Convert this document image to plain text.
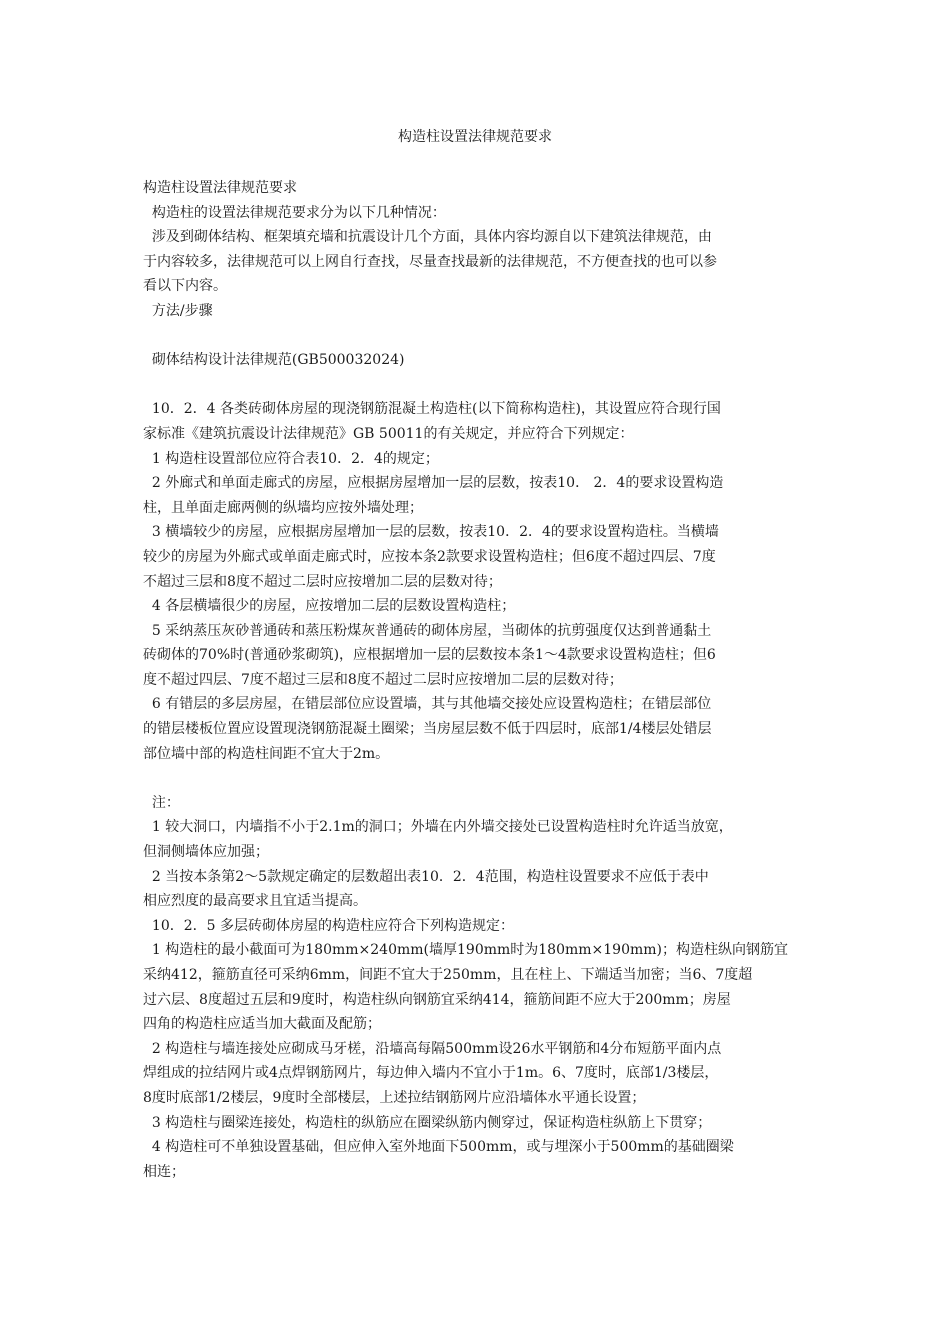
构造柱设置法律规范要求

构造柱设置法律规范要求

构造柱的设置法律规范要求分为以下几种情况：

涉及到砌体结构、框架填充墙和抗震设计几个方面，具体内容均源自以下建筑法律规范，由

于内容较多，法律规范可以上网自行查找，尽量查找最新的法律规范，不方便查找的也可以参

看以下内容。

方法/步骤

砌体结构设计法律规范(GB500032024)

10．2．4 各类砖砌体房屋的现浇钢筋混凝土构造柱(以下简称构造柱)，其设置应符合现行国

家标准《建筑抗震设计法律规范》GB 50011的有关规定，并应符合下列规定：

1 构造柱设置部位应符合表10．2．4的规定；

2 外廊式和单面走廊式的房屋，应根据房屋增加一层的层数，按表10． 2．4的要求设置构造

柱，且单面走廊两侧的纵墙均应按外墙处理；

3 横墙较少的房屋，应根据房屋增加一层的层数，按表10．2．4的要求设置构造柱。当横墙

较少的房屋为外廊式或单面走廊式时，应按本条2款要求设置构造柱；但6度不超过四层、7度

不超过三层和8度不超过二层时应按增加二层的层数对待；

4 各层横墙很少的房屋，应按增加二层的层数设置构造柱；

5 采纳蒸压灰砂普通砖和蒸压粉煤灰普通砖的砌体房屋，当砌体的抗剪强度仅达到普通黏土

砖砌体的70%时(普通砂浆砌筑)，应根据增加一层的层数按本条1～4款要求设置构造柱；但6

度不超过四层、7度不超过三层和8度不超过二层时应按增加二层的层数对待；

6 有错层的多层房屋，在错层部位应设置墙，其与其他墙交接处应设置构造柱；在错层部位

的错层楼板位置应设置现浇钢筋混凝土圈梁；当房屋层数不低于四层时，底部1/4楼层处错层

部位墙中部的构造柱间距不宜大于2m。

注：

1 较大洞口，内墙指不小于2.1m的洞口；外墙在内外墙交接处已设置构造柱时允许适当放宽，

但洞侧墙体应加强；

2 当按本条第2～5款规定确定的层数超出表10．2．4范围，构造柱设置要求不应低于表中

相应烈度的最高要求且宜适当提高。

10．2．5 多层砖砌体房屋的构造柱应符合下列构造规定：

1 构造柱的最小截面可为180mm×240mm(墙厚190mm时为180mm×190mm)；构造柱纵向钢筋宜

采纳412，箍筋直径可采纳6mm，间距不宜大于250mm，且在柱上、下端适当加密；当6、7度超

过六层、8度超过五层和9度时，构造柱纵向钢筋宜采纳414，箍筋间距不应大于200mm；房屋

四角的构造柱应适当加大截面及配筋；

2 构造柱与墙连接处应砌成马牙槎，沿墙高每隔500mm设26水平钢筋和4分布短筋平面内点

焊组成的拉结网片或4点焊钢筋网片，每边伸入墙内不宜小于1m。6、7度时，底部1/3楼层，

8度时底部1/2楼层，9度时全部楼层，上述拉结钢筋网片应沿墙体水平通长设置；

3 构造柱与圈梁连接处，构造柱的纵筋应在圈梁纵筋内侧穿过，保证构造柱纵筋上下贯穿；

4 构造柱可不单独设置基础，但应伸入室外地面下500mm，或与埋深小于500mm的基础圈梁

相连；
